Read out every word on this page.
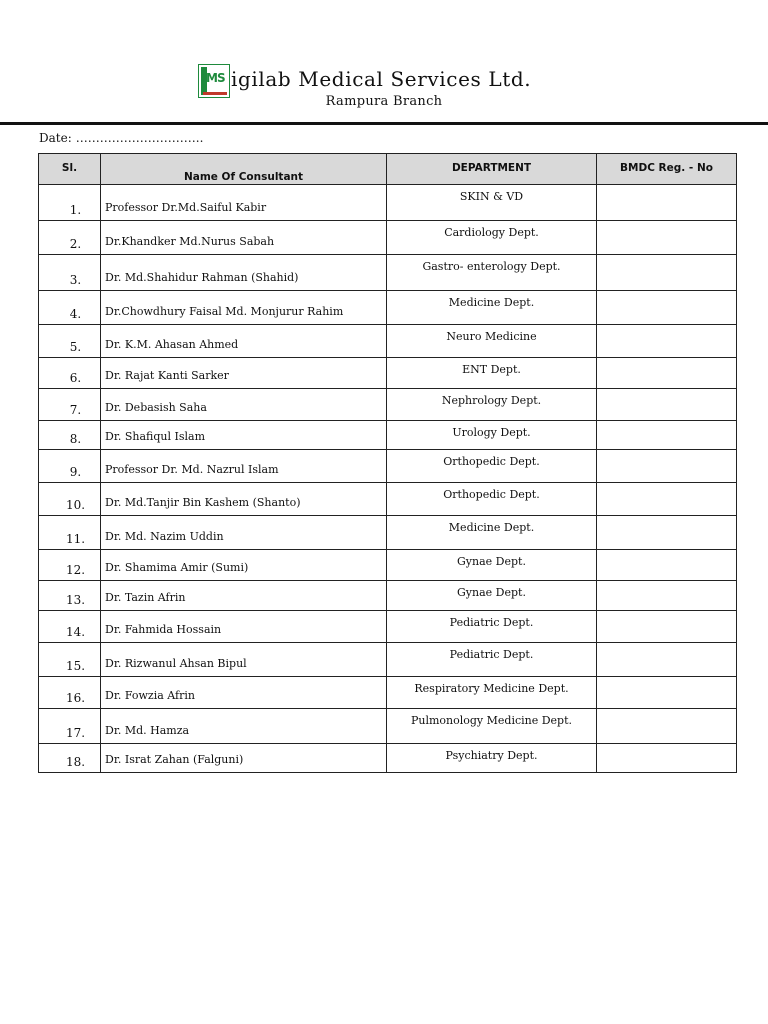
MS igilab Medical Services Ltd.
Rampura Branch
Date: …………………………..
Sl.	Name Of Consultant	DEPARTMENT	BMDC Reg. - No
1.	Professor Dr.Md.Saiful Kabir	SKIN & VD	
2.	Dr.Khandker Md.Nurus Sabah	Cardiology Dept.	
3.	Dr. Md.Shahidur Rahman (Shahid)	Gastro- enterology Dept.	
4.	Dr.Chowdhury Faisal Md. Monjurur Rahim	Medicine Dept.	
5.	Dr. K.M. Ahasan Ahmed	Neuro Medicine	
6.	Dr. Rajat Kanti Sarker	ENT Dept.	
7.	Dr. Debasish Saha	Nephrology Dept.	
8.	Dr. Shafiqul Islam	Urology Dept.	
9.	Professor Dr. Md. Nazrul Islam	Orthopedic Dept.	
10.	Dr. Md.Tanjir Bin Kashem (Shanto)	Orthopedic Dept.	
11.	Dr. Md. Nazim Uddin	Medicine Dept.	
12.	Dr. Shamima Amir (Sumi)	Gynae Dept.	
13.	Dr. Tazin Afrin	Gynae Dept.	
14.	Dr. Fahmida Hossain	Pediatric Dept.	
15.	Dr. Rizwanul Ahsan Bipul	Pediatric Dept.	
16.	Dr. Fowzia Afrin	Respiratory Medicine Dept.	
17.	Dr. Md. Hamza	Pulmonology Medicine Dept.	
18.	Dr. Israt Zahan (Falguni)	Psychiatry Dept.	
